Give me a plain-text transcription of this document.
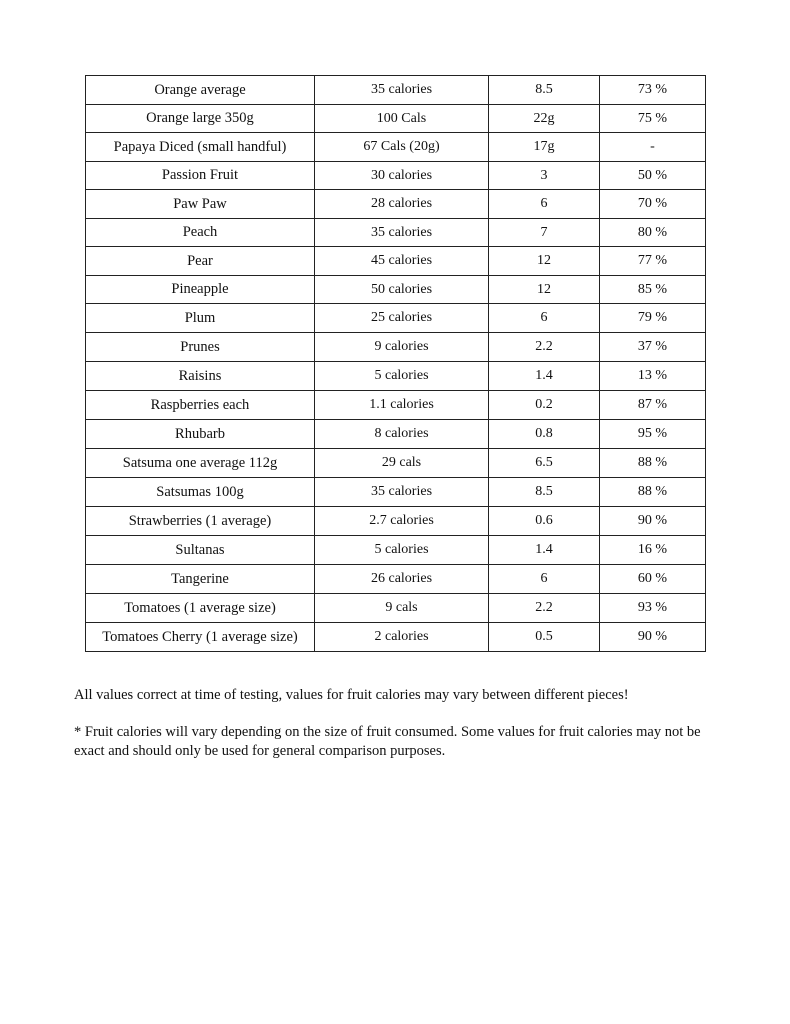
Orange average	35 calories	8.5	73 %
Orange large 350g	100 Cals	22g	75 %
Papaya Diced (small handful)	67 Cals (20g)	17g	-
Passion Fruit	30 calories	3	50 %
Paw Paw	28 calories	6	70 %
Peach	35 calories	7	80 %
Pear	45 calories	12	77 %
Pineapple	50 calories	12	85 %
Plum	25 calories	6	79 %
Prunes	9 calories	2.2	37 %
Raisins	5 calories	1.4	13 %
Raspberries each	1.1 calories	0.2	87 %
Rhubarb	8 calories	0.8	95 %
Satsuma one average 112g	29 cals	6.5	88 %
Satsumas 100g	35 calories	8.5	88 %
Strawberries (1 average)	2.7 calories	0.6	90 %
Sultanas	5 calories	1.4	16 %
Tangerine	26 calories	6	60 %
Tomatoes (1 average size)	9 cals	2.2	93 %
Tomatoes Cherry (1 average size)	2 calories	0.5	90 %

All values correct at time of testing, values for fruit calories may vary between different pieces!

* Fruit calories will vary depending on the size of fruit consumed. Some values for fruit calories may not be exact and should only be used for general comparison purposes.
